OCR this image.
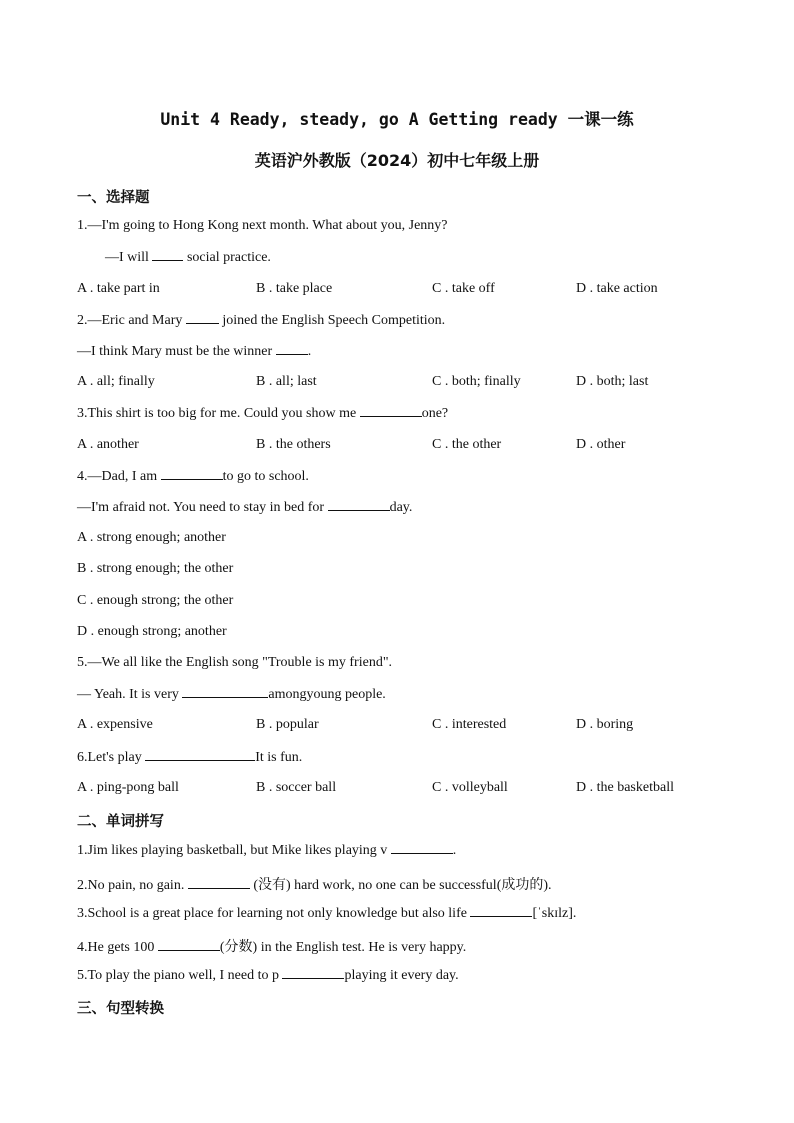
Unit 4 Ready, steady, go A Getting ready 一课一练
英语沪外教版（2024）初中七年级上册
一、选择题
1.—I'm going to Hong Kong next month. What about you, Jenny?
—I will  social practice.
A . take part in	B . take place	C . take off	D . take action
2.—Eric and Mary	joined the English Speech Competition.
—I think Mary must be the winner .
A . all; finally	B . all; last	C . both; finally	D . both; last
3.This shirt is too big for me. Could you show me	one?
A . another	B . the others	C . the other	D . other
4.—Dad, I am	to go to school.
—I'm afraid not. You need to stay in bed for	day.
A . strong enough; another
B . strong enough; the other
C . enough strong; the other
D . enough strong; another
5.—We all like the English song "Trouble is my friend".
— Yeah. It is very	amongyoung people.
A . expensive	B . popular	C . interested	D . boring
6.Let's play	It is fun.
A . ping-pong ball	B . soccer ball	C . volleyball	D . the basketball
二、单词拼写
1.Jim likes playing basketball, but Mike likes playing v	.
2.No pain, no gain.	(没有) hard work, no one can be successful(成功的).
3.School is a great place for learning not only knowledge but also life	[ˈskɪlz].
4.He gets 100	(分数) in the English test. He is very happy.
5.To play the piano well, I need to p	playing it every day.
三、句型转换
